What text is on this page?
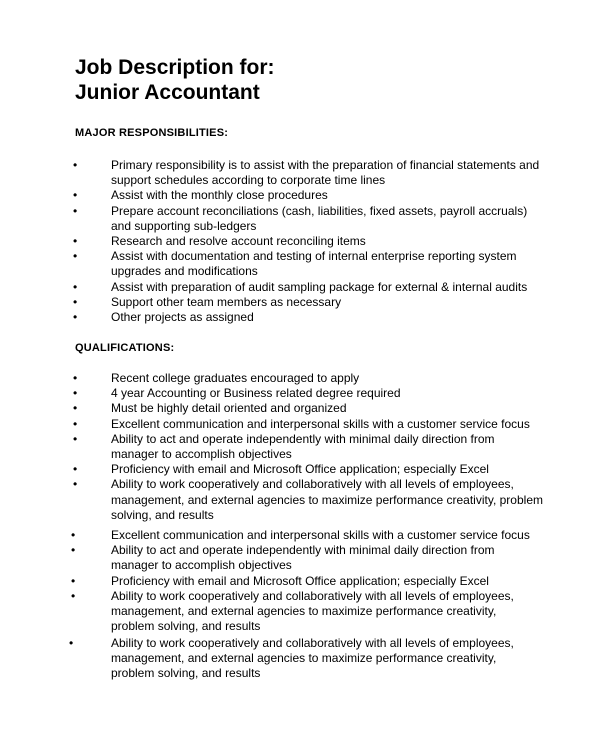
Job Description for:
Junior Accountant
MAJOR RESPONSIBILITIES:
•	Primary responsibility is to assist with the preparation of financial statements and support schedules according to corporate time lines
•	Assist with the monthly close procedures
•	Prepare account reconciliations (cash, liabilities, fixed assets, payroll accruals) and supporting sub-ledgers
•	Research and resolve account reconciling items
•	Assist with documentation and testing of internal enterprise reporting system upgrades and modifications
•	Assist with preparation of audit sampling package for external & internal audits
•	Support other team members as necessary
•	Other projects as assigned
QUALIFICATIONS:
•	Recent college graduates encouraged to apply
•	4 year Accounting or Business related degree required
•	Must be highly detail oriented and organized
•	Excellent communication and interpersonal skills with a customer service focus
•	Ability to act and operate independently with minimal daily direction from manager to accomplish objectives
•	Proficiency with email and Microsoft Office application; especially Excel
•	Ability to work cooperatively and collaboratively with all levels of employees, management, and external agencies to maximize performance creativity, problem solving, and results
•	Excellent communication and interpersonal skills with a customer service focus
•	Ability to act and operate independently with minimal daily direction from manager to accomplish objectives
•	Proficiency with email and Microsoft Office application; especially Excel
•	Ability to work cooperatively and collaboratively with all levels of employees, management, and external agencies to maximize performance creativity, problem solving, and results
•	Ability to work cooperatively and collaboratively with all levels of employees, management, and external agencies to maximize performance creativity, problem solving, and results
